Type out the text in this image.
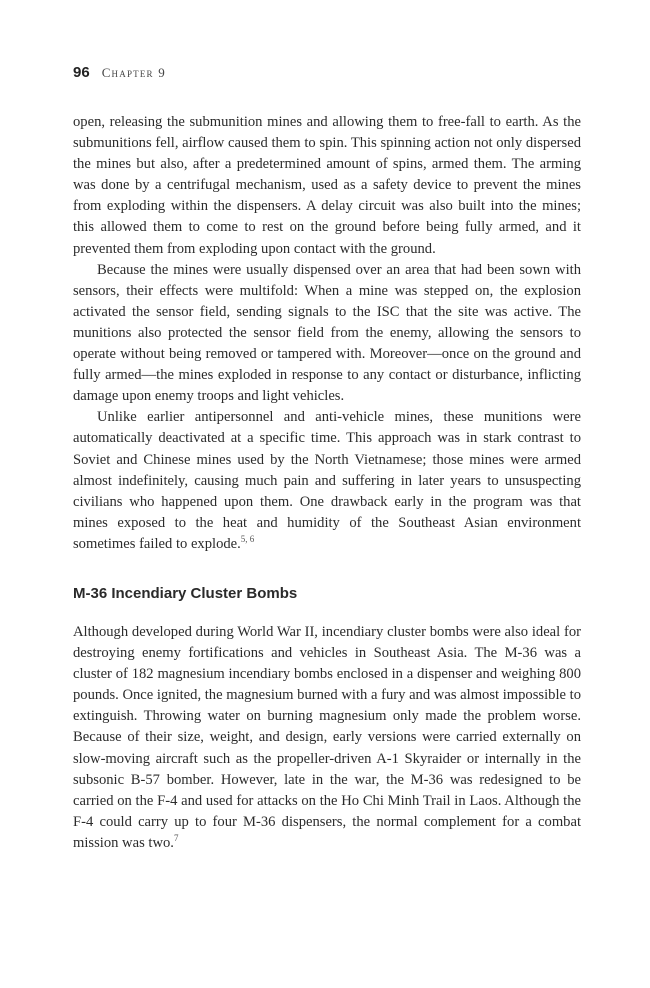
96 Chapter 9

open, releasing the submunition mines and allowing them to free-fall to earth. As the submunitions fell, airflow caused them to spin. This spinning action not only dispersed the mines but also, after a predetermined amount of spins, armed them. The arming was done by a centrifugal mechanism, used as a safety device to prevent the mines from exploding within the dispensers. A delay circuit was also built into the mines; this allowed them to come to rest on the ground before being fully armed, and it prevented them from exploding upon contact with the ground.

Because the mines were usually dispensed over an area that had been sown with sensors, their effects were multifold: When a mine was stepped on, the explosion activated the sensor field, sending signals to the ISC that the site was active. The munitions also protected the sensor field from the enemy, allowing the sensors to operate without being removed or tampered with. Moreover—once on the ground and fully armed—the mines exploded in response to any contact or disturbance, inflicting damage upon enemy troops and light vehicles.

Unlike earlier antipersonnel and anti-vehicle mines, these munitions were automatically deactivated at a specific time. This approach was in stark contrast to Soviet and Chinese mines used by the North Vietnamese; those mines were armed almost indefinitely, causing much pain and suffering in later years to unsuspecting civilians who happened upon them. One drawback early in the program was that mines exposed to the heat and humidity of the Southeast Asian environment sometimes failed to explode.$^{5, 6}$

M-36 Incendiary Cluster Bombs

Although developed during World War II, incendiary cluster bombs were also ideal for destroying enemy fortifications and vehicles in Southeast Asia. The M-36 was a cluster of 182 magnesium incendiary bombs enclosed in a dispenser and weighing 800 pounds. Once ignited, the magnesium burned with a fury and was almost impossible to extinguish. Throwing water on burning magnesium only made the problem worse. Because of their size, weight, and design, early versions were carried externally on slow-moving aircraft such as the propeller-driven A-1 Skyraider or internally in the subsonic B-57 bomber. However, late in the war, the M-36 was redesigned to be carried on the F-4 and used for attacks on the Ho Chi Minh Trail in Laos. Although the F-4 could carry up to four M-36 dispensers, the normal complement for a combat mission was two.$^7$
